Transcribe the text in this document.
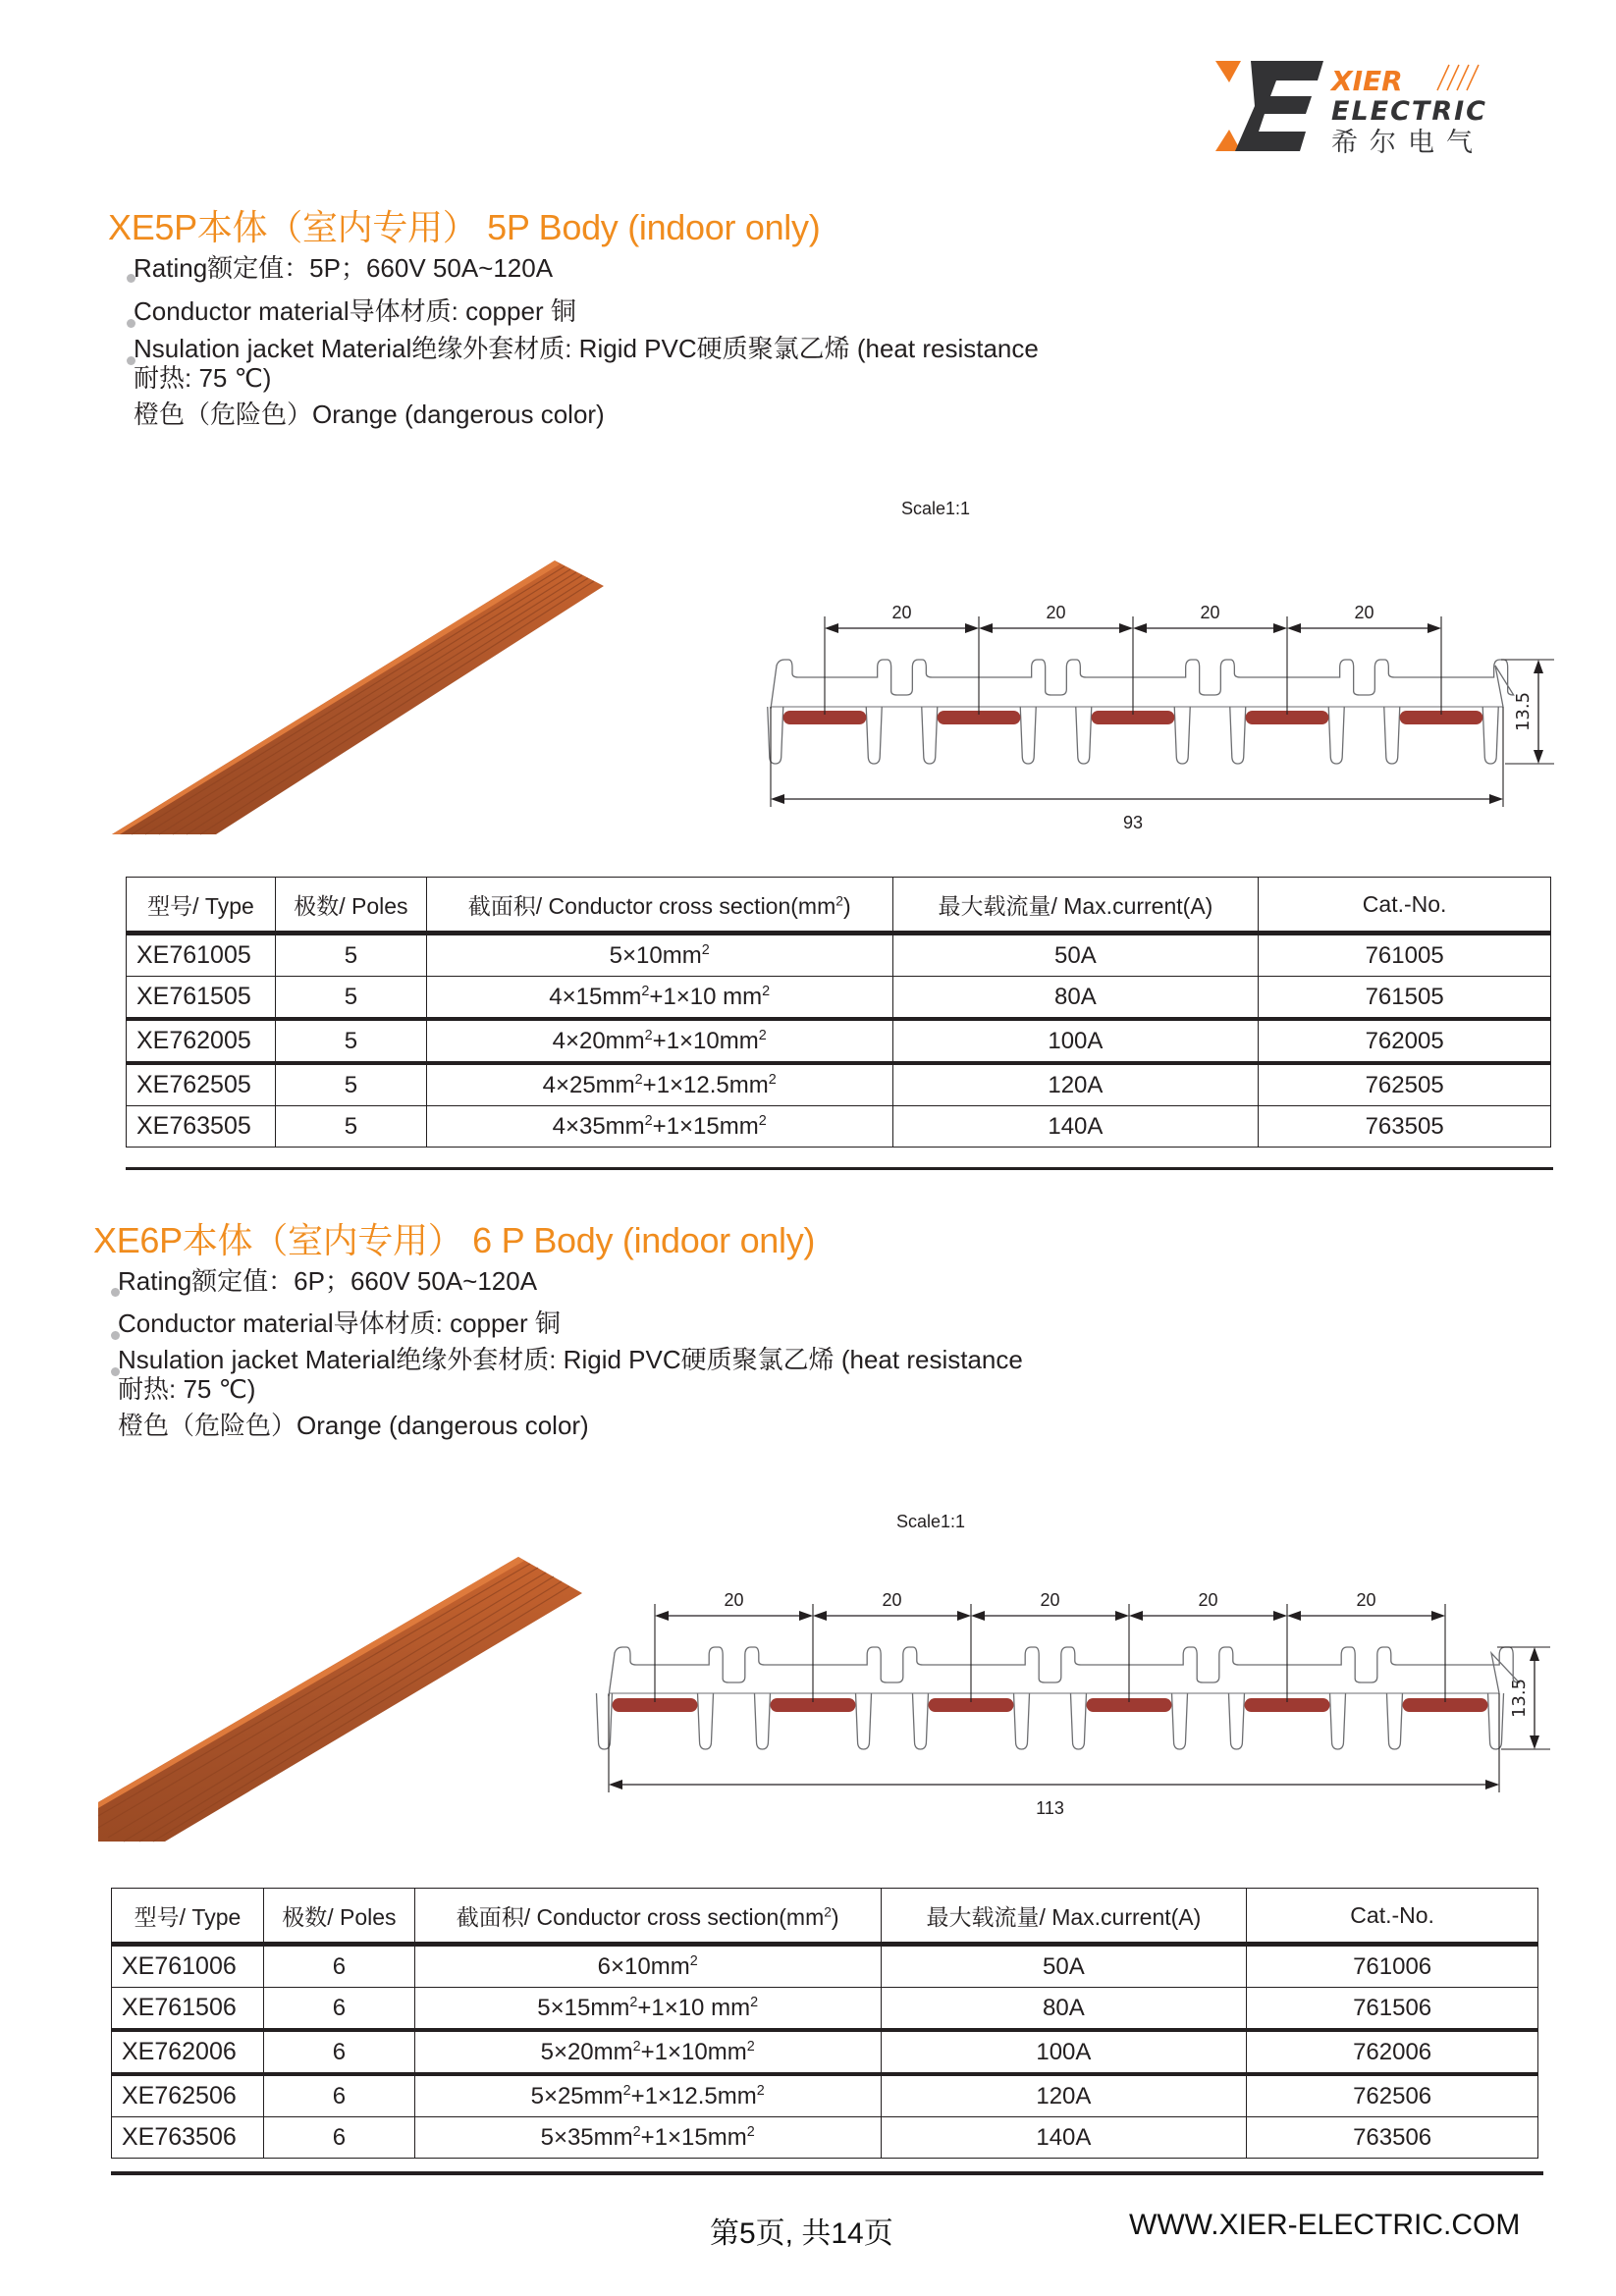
XIER
ELECTRIC
希尔电气
XE5P本体（室内专用） 5P Body (indoor only)
Rating额定值：5P；660V 50A~120A
Conductor material导体材质: copper 铜
Nsulation jacket Material绝缘外套材质: Rigid PVC硬质聚氯乙烯 (heat resistance
耐热: 75 ℃)
橙色（危险色）Orange (dangerous color)
Scale1:1
20	20	20	20
13.5
93
型号/ Type	极数/ Poles	截面积/ Conductor cross $section(mm^2)$	最大载流量/ Max.current(A)	Cat.-No.
XE761005	5	$5\times 10mm^2$	50A	761005
XE761505	5	$4\times 15mm^2+1\times 10$ $mm^2$	80A	761505
XE762005	5	$4\times 20mm^2+1\times 10mm^2$	100A	762005
XE762505	5	$4\times 25mm^2+1\times 12.5mm^2$	120A	762505
XE763505	5	$4\times 35mm^2+1\times 15mm^2$	140A	763505
XE6P本体（室内专用） 6 P Body (indoor only)
Rating额定值：6P；660V 50A~120A
Conductor material导体材质: copper 铜
Nsulation jacket Material绝缘外套材质: Rigid PVC硬质聚氯乙烯 (heat resistance
耐热: 75 ℃)
橙色（危险色）Orange (dangerous color)
Scale1:1
20	20	20	20	20
13.5
113
型号/ Type	极数/ Poles	截面积/ Conductor cross $section(mm^2)$	最大载流量/ Max.current(A)	Cat.-No.
XE761006	6	$6\times 10mm^2$	50A	761006
XE761506	6	$5\times 15mm^2+1\times 10$ $mm^2$	80A	761506
XE762006	6	$5\times 20mm^2+1\times 10mm^2$	100A	762006
XE762506	6	$5\times 25mm^2+1\times 12.5mm^2$	120A	762506
XE763506	6	$5\times 35mm^2+1\times 15mm^2$	140A	763506
第5页, 共14页	WWW.XIER-ELECTRIC.COM
